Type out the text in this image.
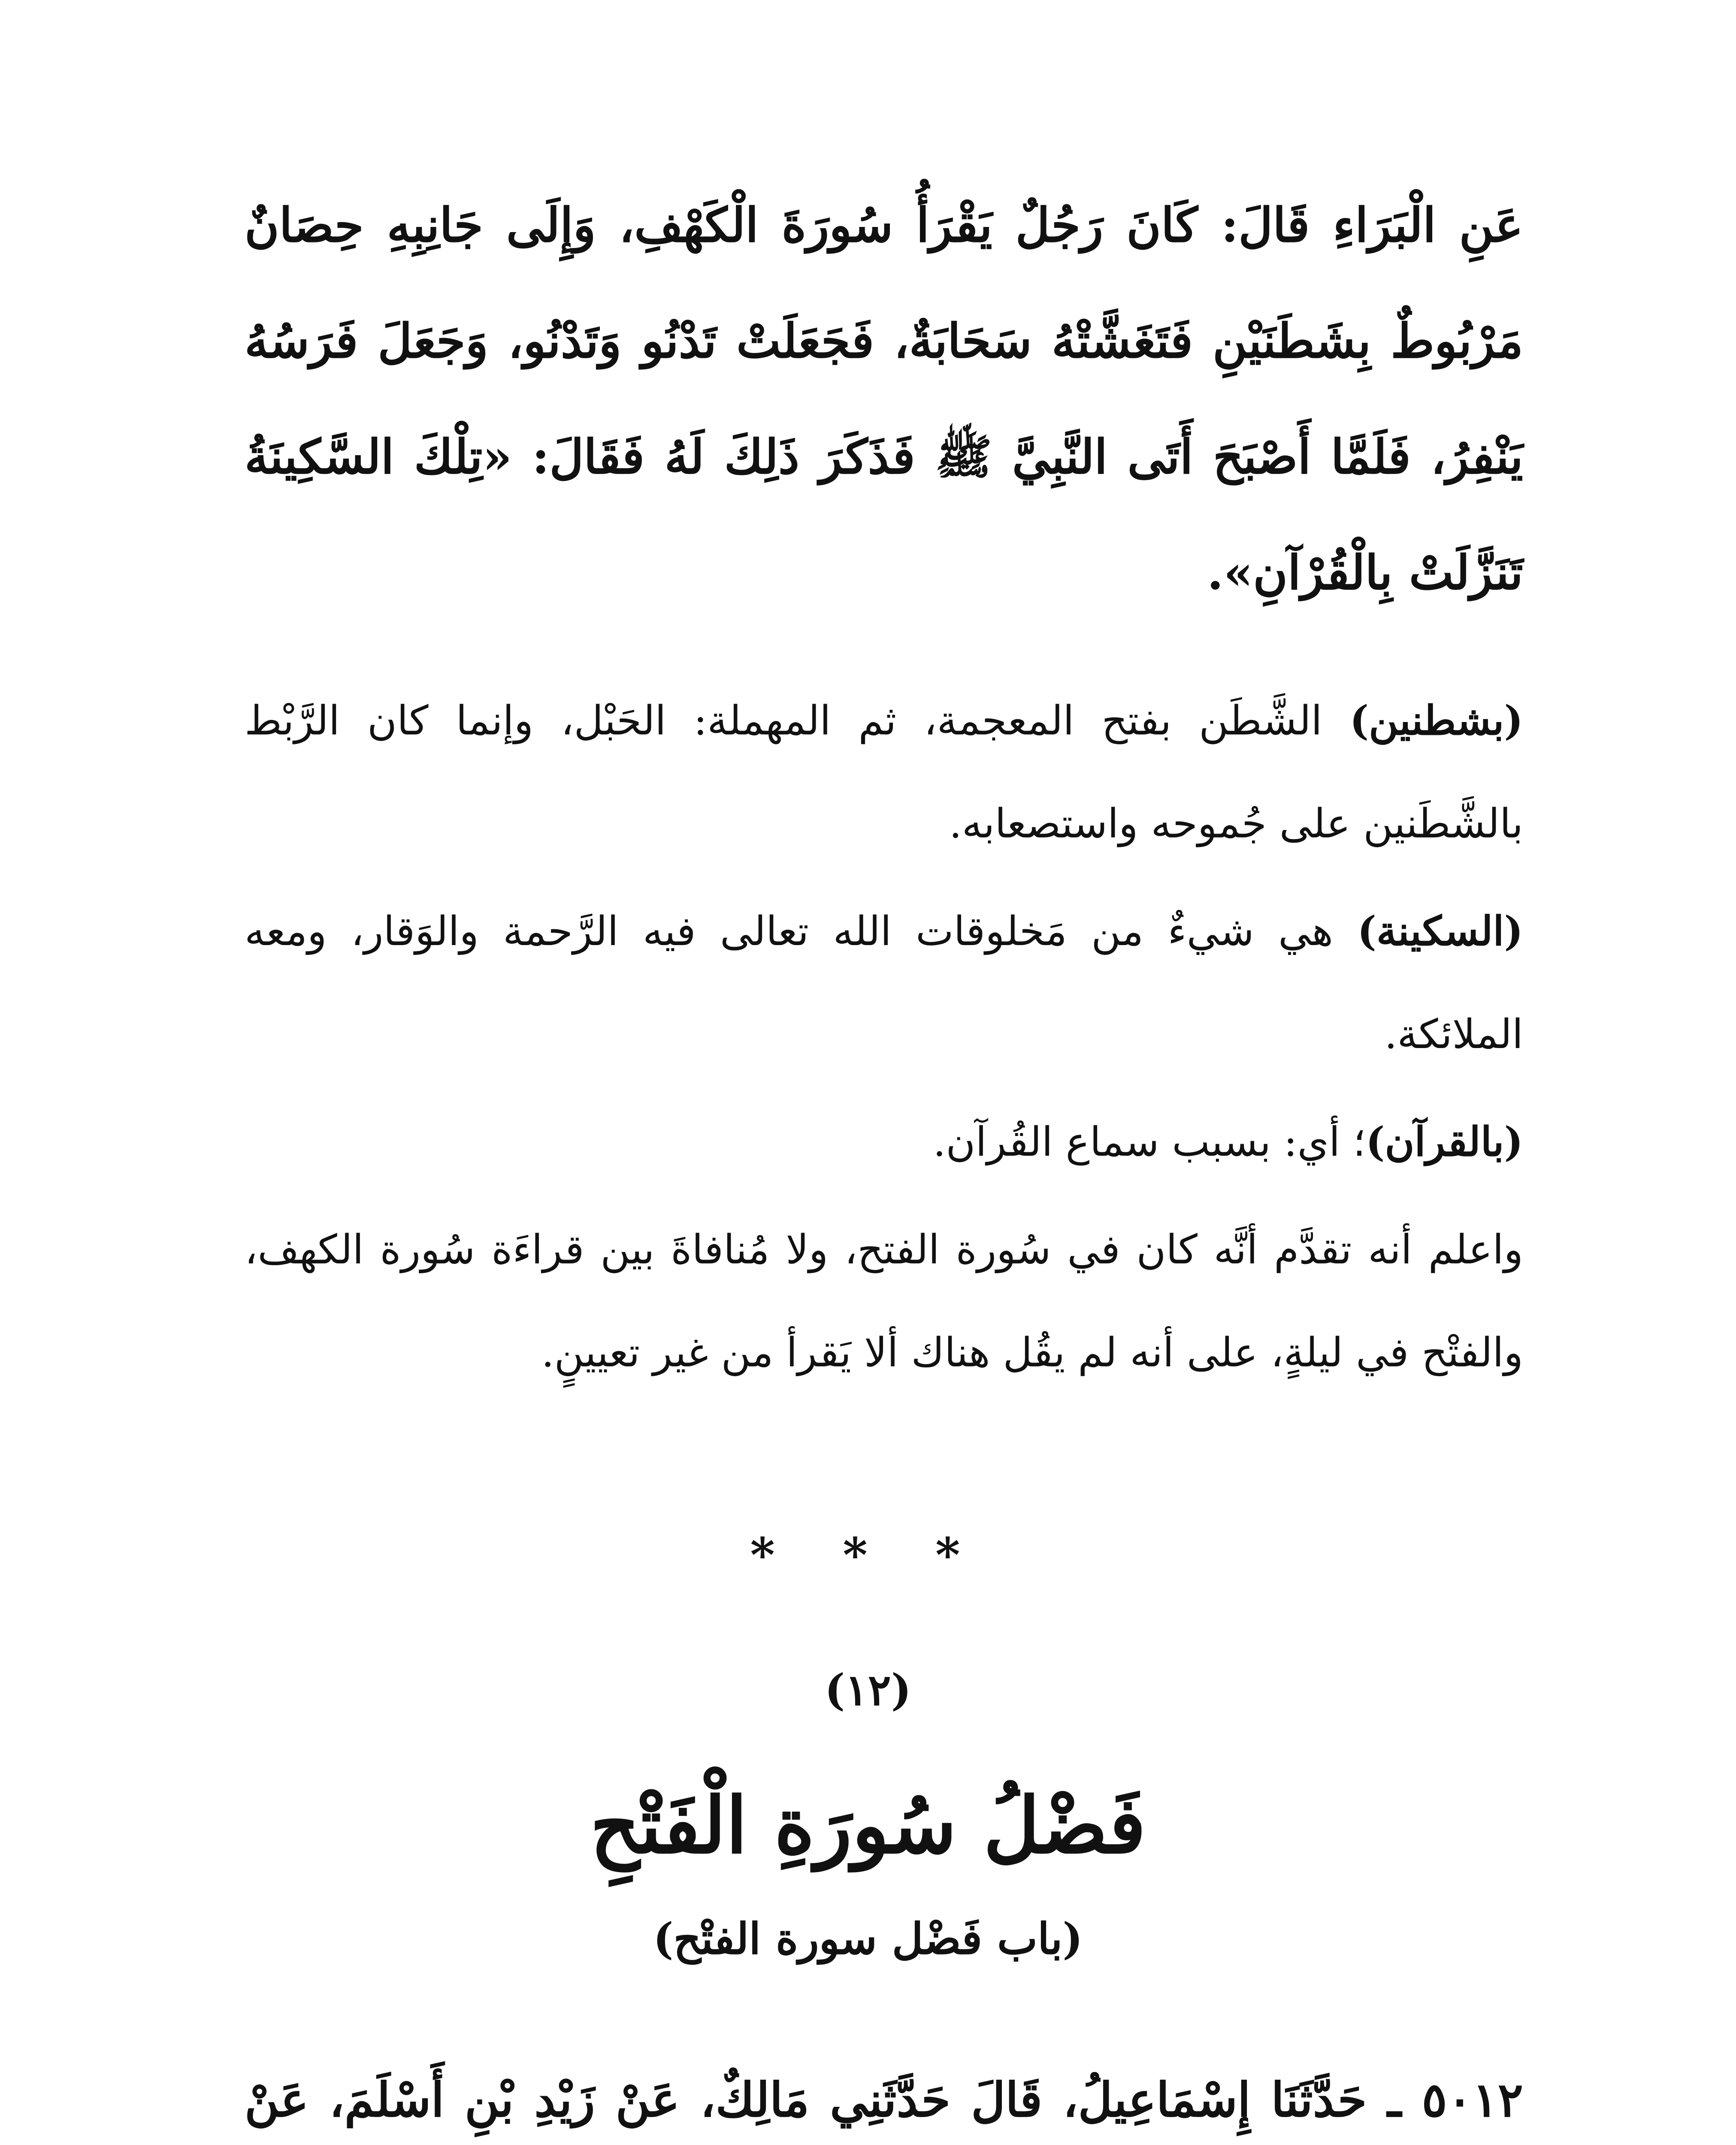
عَنِ الْبَرَاءِ قَالَ: كَانَ رَجُلٌ يَقْرَأُ سُورَةَ الْكَهْفِ، وَإِلَى جَانِبِهِ حِصَانٌ مَرْبُوطٌ بِشَطَنَيْنِ فَتَغَشَّتْهُ سَحَابَةٌ، فَجَعَلَتْ تَدْنُو وَتَدْنُو، وَجَعَلَ فَرَسُهُ يَنْفِرُ، فَلَمَّا أَصْبَحَ أَتَى النَّبِيَّ ﷺ فَذَكَرَ ذَلِكَ لَهُ فَقَالَ: «تِلْكَ السَّكِينَةُ تَنَزَّلَتْ بِالْقُرْآنِ».

(بشطنين) الشَّطَن بفتح المعجمة، ثم المهملة: الحَبْل، وإنما كان الرَّبْط بالشَّطَنين على جُموحه واستصعابه.

(السكينة) هي شيءٌ من مَخلوقات الله تعالى فيه الرَّحمة والوَقار، ومعه الملائكة.

(بالقرآن)؛ أي: بسبب سماع القُرآن.

واعلم أنه تقدَّم أنَّه كان في سُورة الفتح، ولا مُنافاةَ بين قراءَة سُورة الكهف، والفتْح في ليلةٍ، على أنه لم يقُل هناك ألا يَقرأ من غير تعيينٍ.

* * *
(١٢)
فَضْلُ سُورَةِ الْفَتْحِ
(باب فَضْل سورة الفتْح)
٥٠١٢ ـ حَدَّثَنَا إِسْمَاعِيلُ، قَالَ حَدَّثَنِي مَالِكٌ، عَنْ زَيْدِ بْنِ أَسْلَمَ، عَنْ
